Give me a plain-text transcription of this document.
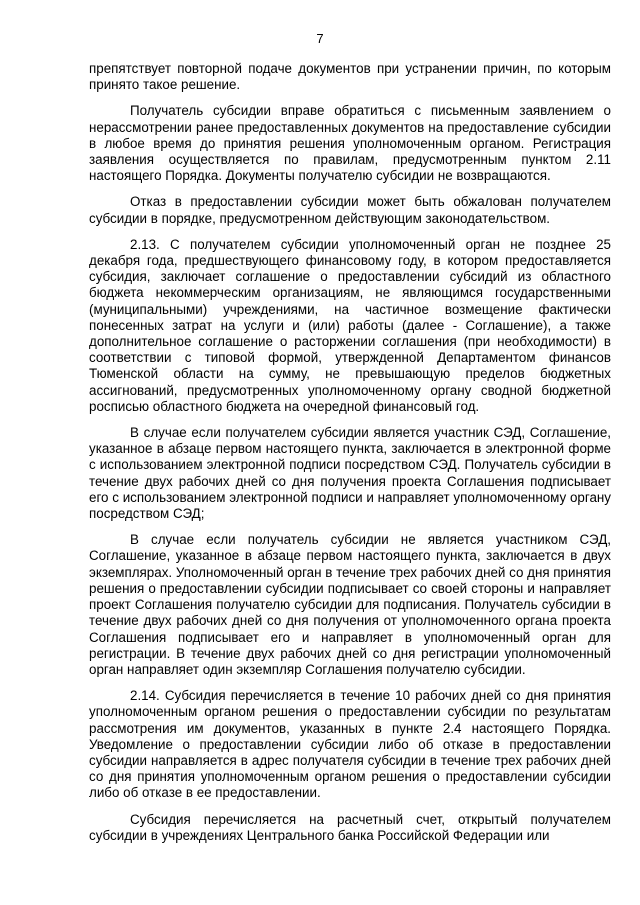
7

препятствует повторной подаче документов при устранении причин, по которым принято такое решение.

Получатель субсидии вправе обратиться с письменным заявлением о нерассмотрении ранее предоставленных документов на предоставление субсидии в любое время до принятия решения уполномоченным органом. Регистрация заявления осуществляется по правилам, предусмотренным пунктом 2.11 настоящего Порядка. Документы получателю субсидии не возвращаются.

Отказ в предоставлении субсидии может быть обжалован получателем субсидии в порядке, предусмотренном действующим законодательством.

2.13. С получателем субсидии уполномоченный орган не позднее 25 декабря года, предшествующего финансовому году, в котором предоставляется субсидия, заключает соглашение о предоставлении субсидий из областного бюджета некоммерческим организациям, не являющимся государственными (муниципальными) учреждениями, на частичное возмещение фактически понесенных затрат на услуги и (или) работы (далее - Соглашение), а также дополнительное соглашение о расторжении соглашения (при необходимости) в соответствии с типовой формой, утвержденной Департаментом финансов Тюменской области на сумму, не превышающую пределов бюджетных ассигнований, предусмотренных уполномоченному органу сводной бюджетной росписью областного бюджета на очередной финансовый год.

В случае если получателем субсидии является участник СЭД, Соглашение, указанное в абзаце первом настоящего пункта, заключается в электронной форме с использованием электронной подписи посредством СЭД. Получатель субсидии в течение двух рабочих дней со дня получения проекта Соглашения подписывает его с использованием электронной подписи и направляет уполномоченному органу посредством СЭД;

В случае если получатель субсидии не является участником СЭД, Соглашение, указанное в абзаце первом настоящего пункта, заключается в двух экземплярах. Уполномоченный орган в течение трех рабочих дней со дня принятия решения о предоставлении субсидии подписывает со своей стороны и направляет проект Соглашения получателю субсидии для подписания. Получатель субсидии в течение двух рабочих дней со дня получения от уполномоченного органа проекта Соглашения подписывает его и направляет в уполномоченный орган для регистрации. В течение двух рабочих дней со дня регистрации уполномоченный орган направляет один экземпляр Соглашения получателю субсидии.

2.14. Субсидия перечисляется в течение 10 рабочих дней со дня принятия уполномоченным органом решения о предоставлении субсидии по результатам рассмотрения им документов, указанных в пункте 2.4 настоящего Порядка. Уведомление о предоставлении субсидии либо об отказе в предоставлении субсидии направляется в адрес получателя субсидии в течение трех рабочих дней со дня принятия уполномоченным органом решения о предоставлении субсидии либо об отказе в ее предоставлении.

Субсидия перечисляется на расчетный счет, открытый получателем субсидии в учреждениях Центрального банка Российской Федерации или
